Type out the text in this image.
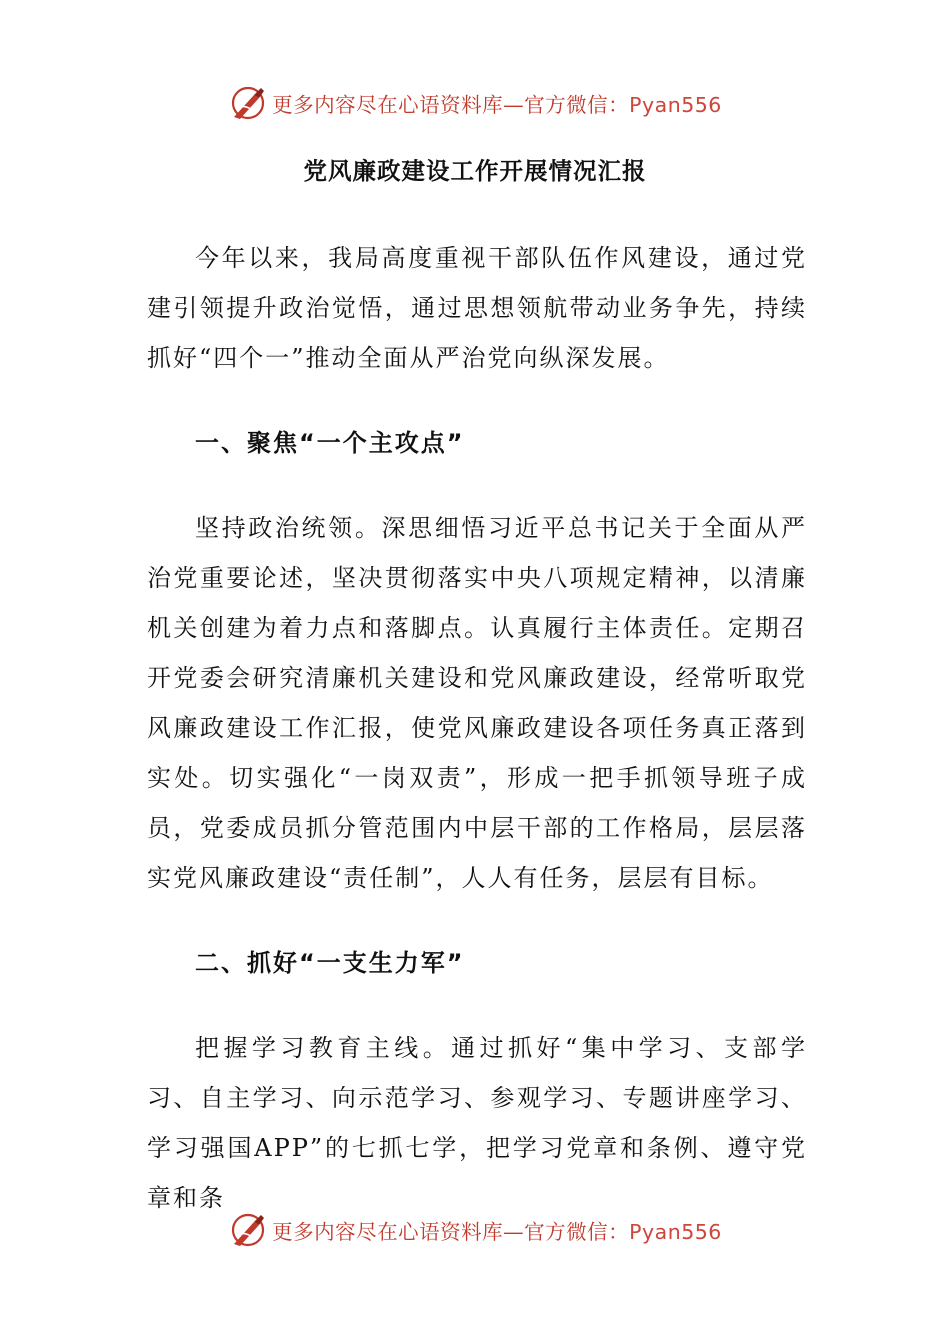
更多内容尽在心语资料库—官方微信：Pyan556
党风廉政建设工作开展情况汇报

今年以来，我局高度重视干部队伍作风建设，通过党建引领提升政治觉悟，通过思想领航带动业务争先，持续抓好“四个一”推动全面从严治党向纵深发展。

一、聚焦“一个主攻点”

坚持政治统领。深思细悟习近平总书记关于全面从严治党重要论述，坚决贯彻落实中央八项规定精神，以清廉机关创建为着力点和落脚点。认真履行主体责任。定期召开党委会研究清廉机关建设和党风廉政建设，经常听取党风廉政建设工作汇报，使党风廉政建设各项任务真正落到实处。切实强化“一岗双责”，形成一把手抓领导班子成员，党委成员抓分管范围内中层干部的工作格局，层层落实党风廉政建设“责任制”，人人有任务，层层有目标。

二、抓好“一支生力军”

把握学习教育主线。通过抓好“集中学习、支部学习、自主学习、向示范学习、参观学习、专题讲座学习、学习强国APP”的七抓七学，把学习党章和条例、遵守党章和条

更多内容尽在心语资料库—官方微信：Pyan556
